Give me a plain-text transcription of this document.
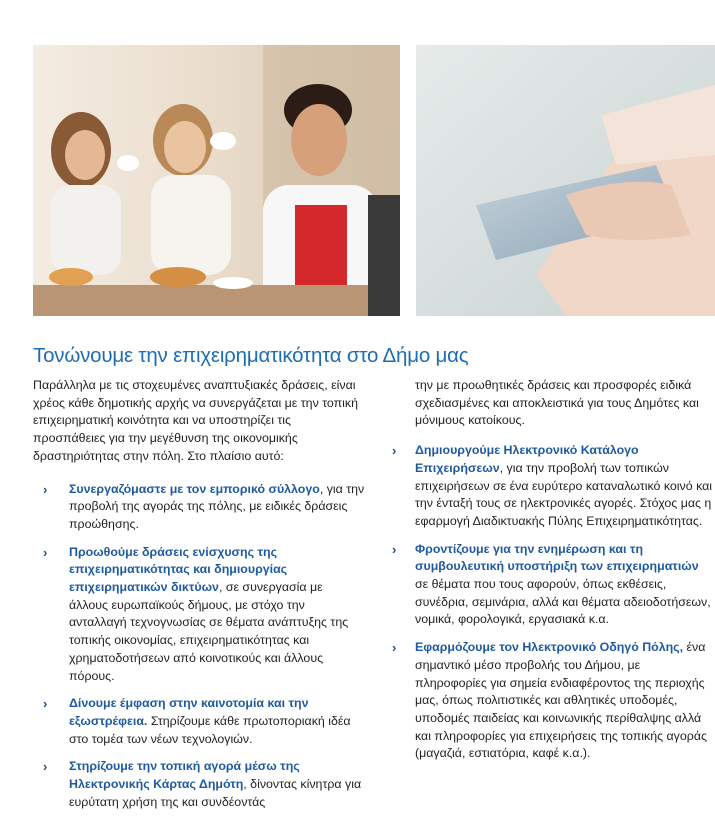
Τονώνουμε την επιχειρηματικότητα στο Δήμο μας

Παράλληλα με τις στοχευμένες αναπτυξιακές δράσεις, είναι χρέος κάθε δημοτικής αρχής να συνεργάζεται με την τοπική επιχειρηματική κοινότητα και να υποστηρίζει τις προσπάθειες για την μεγέθυνση της οικονομικής δραστηριότητας στην πόλη. Στο πλαίσιο αυτό:

› Συνεργαζόμαστε με τον εμπορικό σύλλογο, για την προβολή της αγοράς της πόλης, με ειδικές δράσεις προώθησης.
› Προωθούμε δράσεις ενίσχυσης της επιχειρηματικότητας και δημιουργίας επιχειρηματικών δικτύων, σε συνεργασία με άλλους ευρωπαϊκούς δήμους, με στόχο την ανταλλαγή τεχνογνωσίας σε θέματα ανάπτυξης της τοπικής οικονομίας, επιχειρηματικότητας και χρηματοδοτήσεων από κοινοτικούς και άλλους πόρους.
› Δίνουμε έμφαση στην καινοτομία και την εξωστρέφεια. Στηρίζουμε κάθε πρωτοποριακή ιδέα στο τομέα των νέων τεχνολογιών.
› Στηρίζουμε την τοπική αγορά μέσω της Ηλεκτρονικής Κάρτας Δημότη, δίνοντας κίνητρα για ευρύτατη χρήση της και συνδέοντάς

την με προωθητικές δράσεις και προσφορές ειδικά σχεδιασμένες και αποκλειστικά για τους Δημότες και μόνιμους κατοίκους.

› Δημιουργούμε Ηλεκτρονικό Κατάλογο Επιχειρήσεων, για την προβολή των τοπικών επιχειρήσεων σε ένα ευρύτερο καταναλωτικό κοινό και την ένταξή τους σε ηλεκτρονικές αγορές. Στόχος μας η εφαρμογή Διαδικτυακής Πύλης Επιχειρηματικότητας.
› Φροντίζουμε για την ενημέρωση και τη συμβουλευτική υποστήριξη των επιχειρηματιών σε θέματα που τους αφορούν, όπως εκθέσεις, συνέδρια, σεμινάρια, αλλά και θέματα αδειοδοτήσεων, νομικά, φορολογικά, εργασιακά κ.α.
› Εφαρμόζουμε τον Ηλεκτρονικό Οδηγό Πόλης, ένα σημαντικό μέσο προβολής του Δήμου, με πληροφορίες για σημεία ενδιαφέροντος της περιοχής μας, όπως πολιτιστικές και αθλητικές υποδομές, υποδομές παιδείας και κοινωνικής περίθαλψης αλλά και πληροφορίες για επιχειρήσεις της τοπικής αγοράς (μαγαζιά, εστιατόρια, καφέ κ.α.).
